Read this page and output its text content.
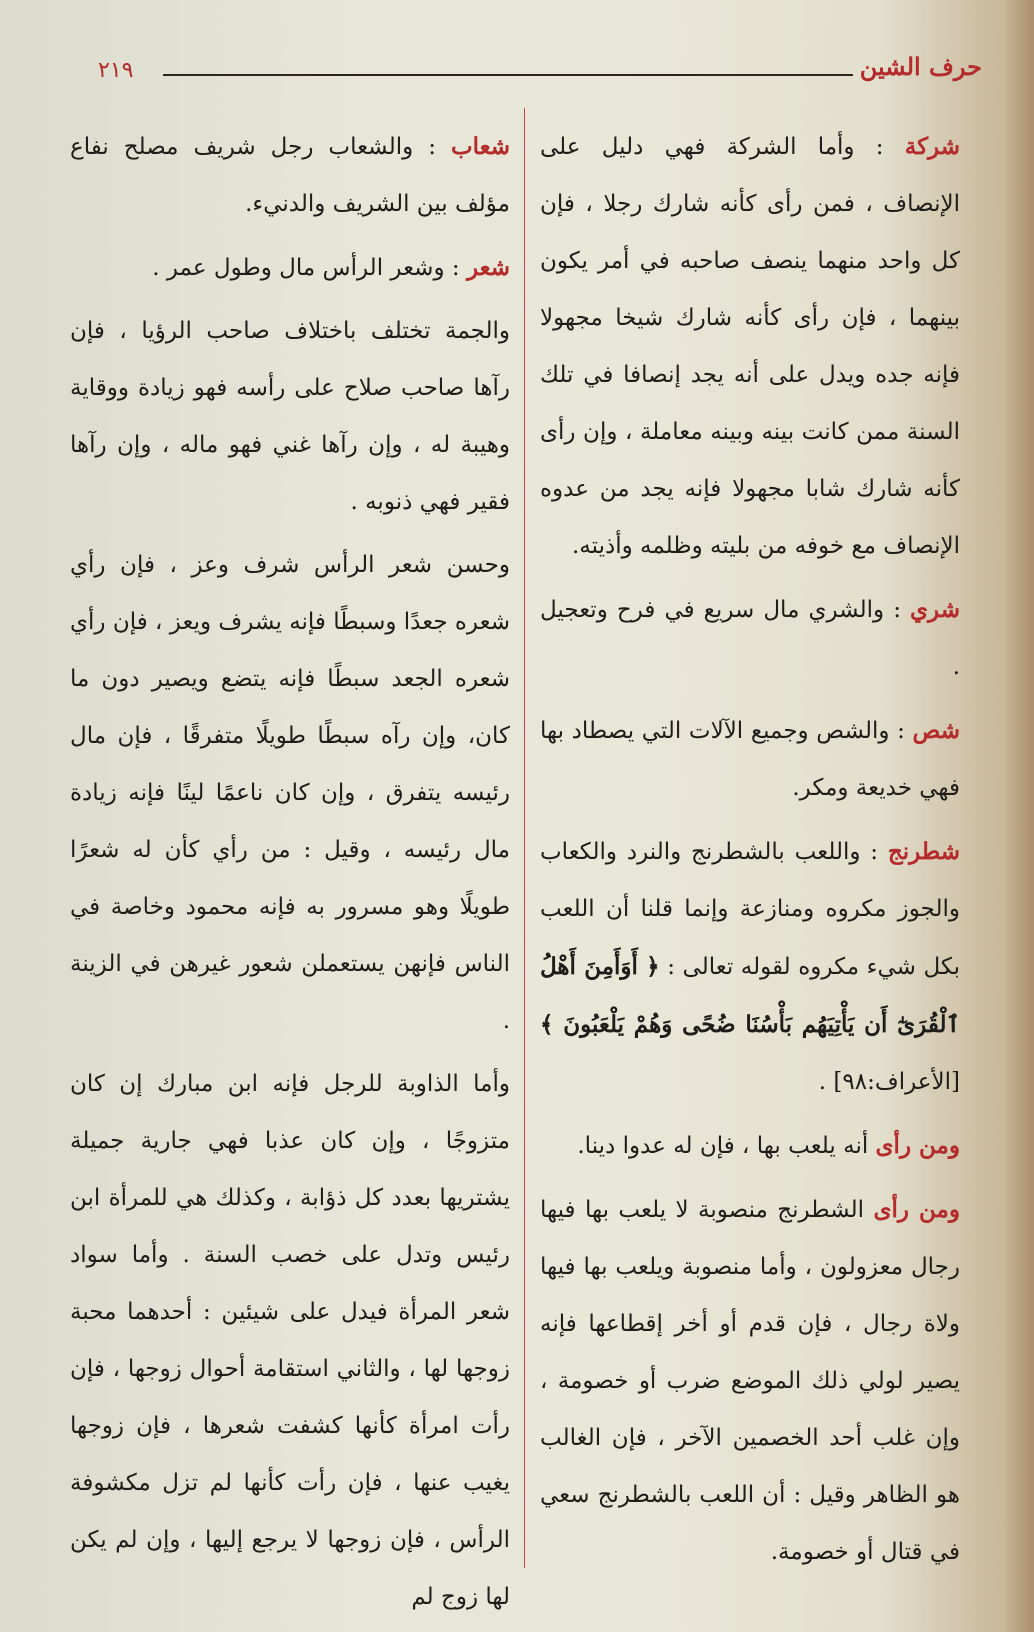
حرف الشين
٢١٩

شركة : وأما الشركة فهي دليل على الإنصاف ، فمن رأى كأنه شارك رجلا ، فإن كل واحد منهما ينصف صاحبه في أمر يكون بينهما ، فإن رأى كأنه شارك شيخا مجهولا فإنه جده ويدل على أنه يجد إنصافا في تلك السنة ممن كانت بينه وبينه معاملة ، وإن رأى كأنه شارك شابا مجهولا فإنه يجد من عدوه الإنصاف مع خوفه من بليته وظلمه وأذيته.

شري : والشري مال سريع في فرح وتعجيل .

شص : والشص وجميع الآلات التي يصطاد بها فهي خديعة ومكر.

شطرنج : واللعب بالشطرنج والنرد والكعاب والجوز مكروه ومنازعة وإنما قلنا أن اللعب بكل شيء مكروه لقوله تعالى : ﴿ أَوَأَمِنَ أَهْلُ ٱلْقُرَىٰٓ أَن يَأْتِيَهُم بَأْسُنَا ضُحًى وَهُمْ يَلْعَبُونَ ﴾ [الأعراف:٩٨] .

ومن رأى أنه يلعب بها ، فإن له عدوا دينا.

ومن رأى الشطرنج منصوبة لا يلعب بها فيها رجال معزولون ، وأما منصوبة ويلعب بها فيها ولاة رجال ، فإن قدم أو أخر إقطاعها فإنه يصير لولي ذلك الموضع ضرب أو خصومة ، وإن غلب أحد الخصمين الآخر ، فإن الغالب هو الظاهر وقيل : أن اللعب بالشطرنج سعي في قتال أو خصومة.

شعاب : والشعاب رجل شريف مصلح نفاع مؤلف بين الشريف والدنيء.

شعر : وشعر الرأس مال وطول عمر .

والجمة تختلف باختلاف صاحب الرؤيا ، فإن رآها صاحب صلاح على رأسه فهو زيادة ووقاية وهيبة له ، وإن رآها غني فهو ماله ، وإن رآها فقير فهي ذنوبه .

وحسن شعر الرأس شرف وعز ، فإن رأي شعره جعدًا وسبطًا فإنه يشرف ويعز ، فإن رأي شعره الجعد سبطًا فإنه يتضع ويصير دون ما كان، وإن رآه سبطًا طويلًا متفرقًا ، فإن مال رئيسه يتفرق ، وإن كان ناعمًا لينًا فإنه زيادة مال رئيسه ، وقيل : من رأي كأن له شعرًا طويلًا وهو مسرور به فإنه محمود وخاصة في الناس فإنهن يستعملن شعور غيرهن في الزينة .

وأما الذاوبة للرجل فإنه ابن مبارك إن كان متزوجًا ، وإن كان عذبا فهي جارية جميلة يشتريها بعدد كل ذؤابة ، وكذلك هي للمرأة ابن رئيس وتدل على خصب السنة . وأما سواد شعر المرأة فيدل على شيئين : أحدهما محبة زوجها لها ، والثاني استقامة أحوال زوجها ، فإن رأت امرأة كأنها كشفت شعرها ، فإن زوجها يغيب عنها ، فإن رأت كأنها لم تزل مكشوفة الرأس ، فإن زوجها لا يرجع إليها ، وإن لم يكن لها زوج لم
